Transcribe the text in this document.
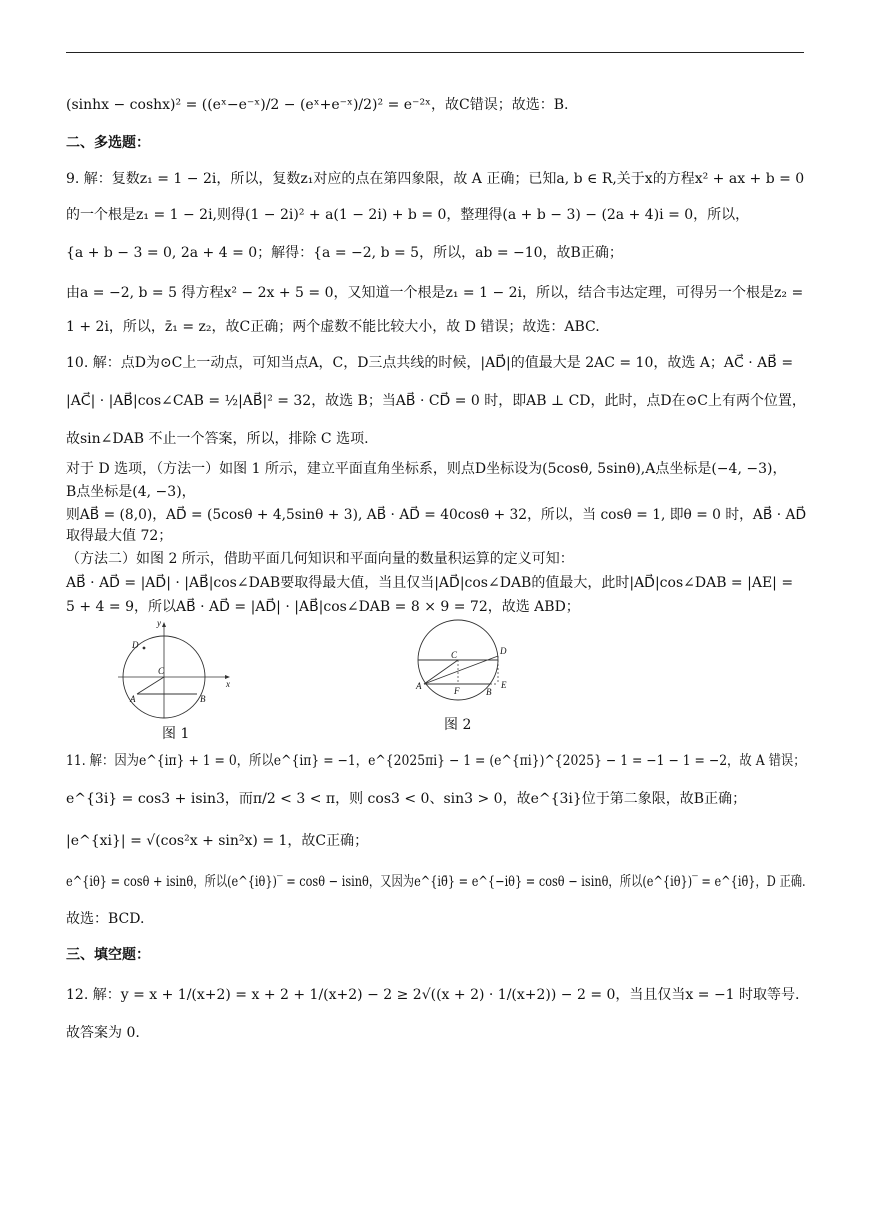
(sinhx − coshx)² = ((eˣ−e⁻ˣ)/2 − (eˣ+e⁻ˣ)/2)² = e⁻²ˣ，故C错误；故选：B.
二、多选题：
9. 解：复数z₁ = 1 − 2i，所以，复数z₁对应的点在第四象限，故 A 正确；已知a, b ∈ R,关于x的方程x² + ax + b = 0
的一个根是z₁ = 1 − 2i,则得(1 − 2i)² + a(1 − 2i) + b = 0，整理得(a + b − 3) − (2a + 4)i = 0，所以，
{a + b − 3 = 0, 2a + 4 = 0；解得：{a = −2, b = 5，所以，ab = −10，故B正确；
由a = −2, b = 5 得方程x² − 2x + 5 = 0，又知道一个根是z₁ = 1 − 2i，所以，结合韦达定理，可得另一个根是z₂ =
1 + 2i，所以，z̄₁ = z₂，故C正确；两个虚数不能比较大小，故 D 错误；故选：ABC.
10. 解：点D为⊙C上一动点，可知当点A，C，D三点共线的时候，|AD⃗|的值最大是 2AC = 10，故选 A；AC⃗ · AB⃗ =
|AC⃗| · |AB⃗|cos∠CAB = ½|AB⃗|² = 32，故选 B；当AB⃗ · CD⃗ = 0 时，即AB ⊥ CD，此时，点D在⊙C上有两个位置，
故sin∠DAB 不止一个答案，所以，排除 C 选项.
对于 D 选项，（方法一）如图 1 所示，建立平面直角坐标系，则点D坐标设为(5cosθ, 5sinθ),A点坐标是(−4, −3)，
B点坐标是(4, −3)，
则AB⃗ = (8,0)，AD⃗ = (5cosθ + 4,5sinθ + 3), AB⃗ · AD⃗ = 40cosθ + 32，所以，当 cosθ = 1, 即θ = 0 时，AB⃗ · AD⃗
取得最大值 72；
（方法二）如图 2 所示，借助平面几何知识和平面向量的数量积运算的定义可知：
AB⃗ · AD⃗ = |AD⃗| · |AB⃗|cos∠DAB要取得最大值，当且仅当|AD⃗|cos∠DAB的值最大，此时|AD⃗|cos∠DAB = |AE| =
5 + 4 = 9，所以AB⃗ · AD⃗ = |AD⃗| · |AB⃗|cos∠DAB = 8 × 9 = 72，故选 ABD；
y
x
D
C
A	B
图 1
C	D
A	F	B
E
图 2
11. 解：因为e^{iπ} + 1 = 0，所以e^{iπ} = −1，e^{2025πi} − 1 = (e^{πi})^{2025} − 1 = −1 − 1 = −2，故 A 错误；
e^{3i} = cos3 + isin3，而π/2 < 3 < π，则 cos3 < 0、sin3 > 0，故e^{3i}位于第二象限，故B正确；
|e^{xi}| = √(cos²x + sin²x) = 1，故C正确；
e^{iθ} = cosθ + isinθ，所以(e^{iθ})‾ = cosθ − isinθ，又因为e^{iθ̄} = e^{−iθ} = cosθ − isinθ，所以(e^{iθ})‾ = e^{iθ̄}，D 正确.
故选：BCD.
三、填空题：
12. 解：y = x + 1/(x+2) = x + 2 + 1/(x+2) − 2 ≥ 2√((x + 2) · 1/(x+2)) − 2 = 0，当且仅当x = −1 时取等号.
故答案为 0.
